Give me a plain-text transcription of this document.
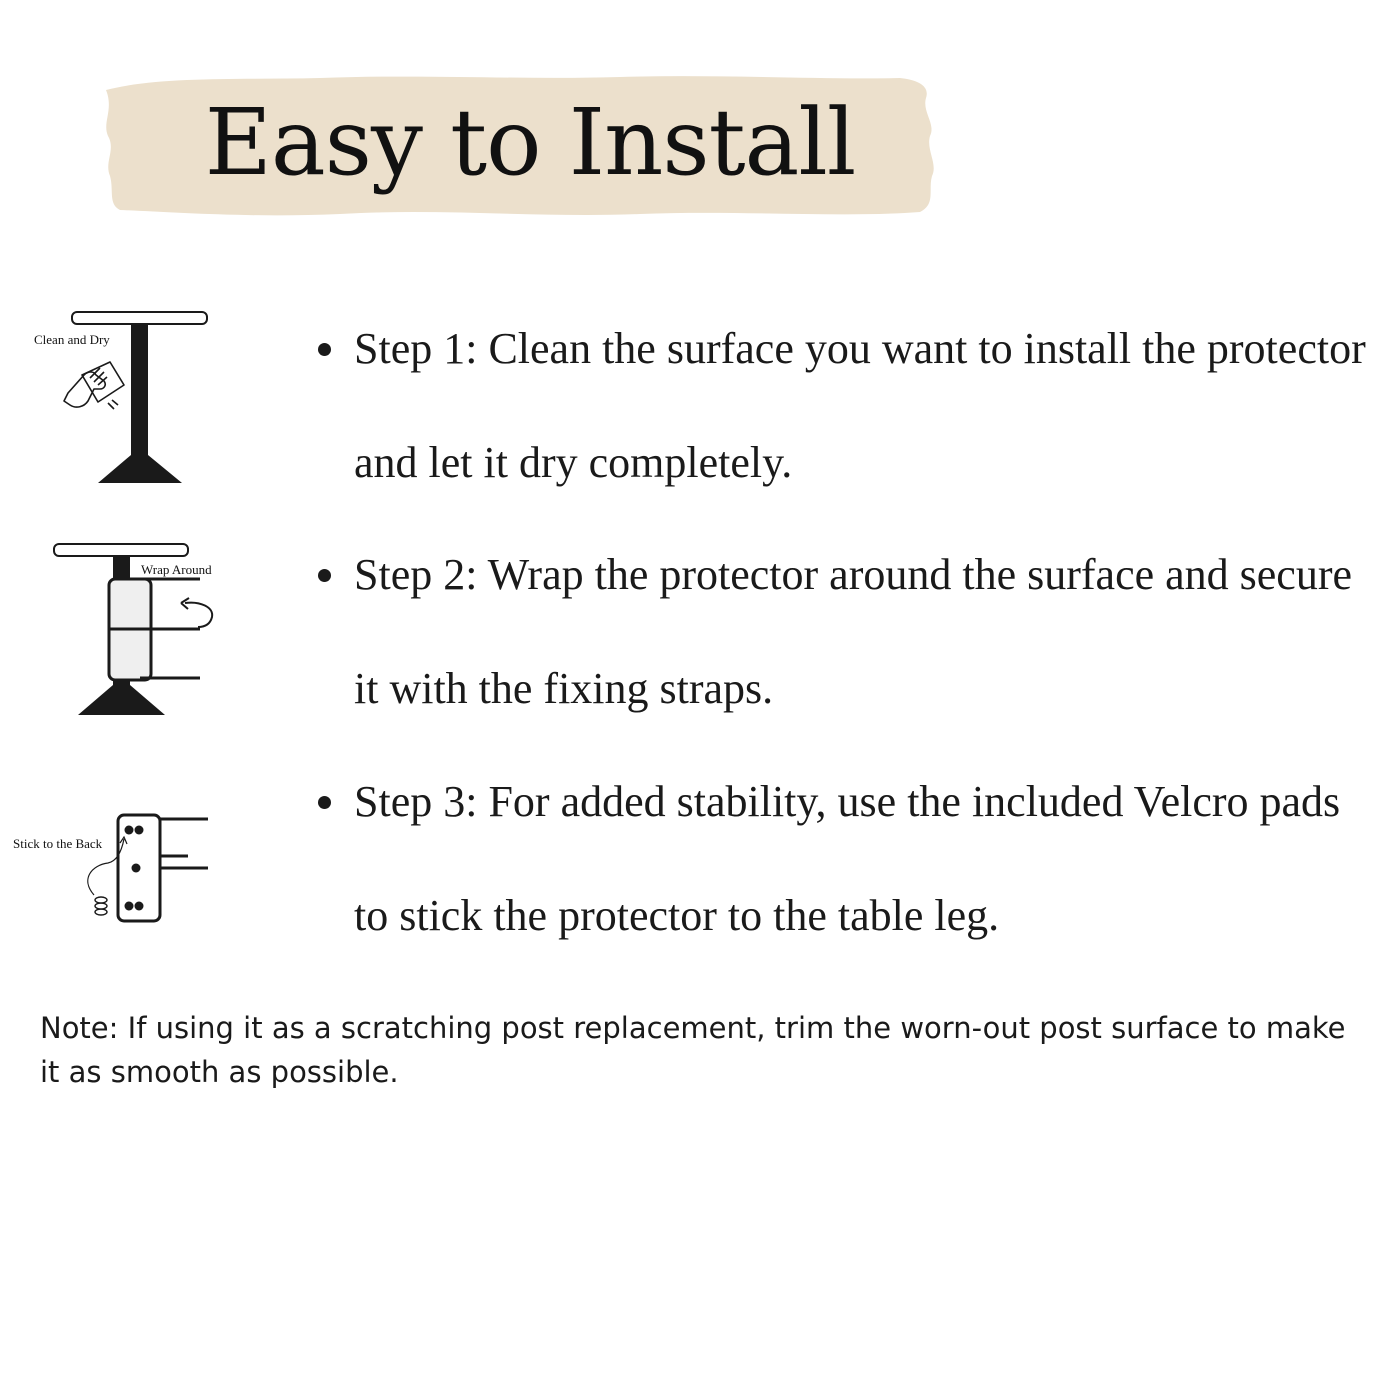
Easy to Install
Clean and Dry
Wrap Around
Stick to the Back
Step 1: Clean the surface you want to install the protector and let it dry completely.
Step 2: Wrap the protector around the surface and secure it with the fixing straps.
Step 3: For added stability, use the included Velcro pads to stick the protector to the table leg.
Note: If using it as a scratching post replacement, trim the worn-out post surface to make it as smooth as possible.
